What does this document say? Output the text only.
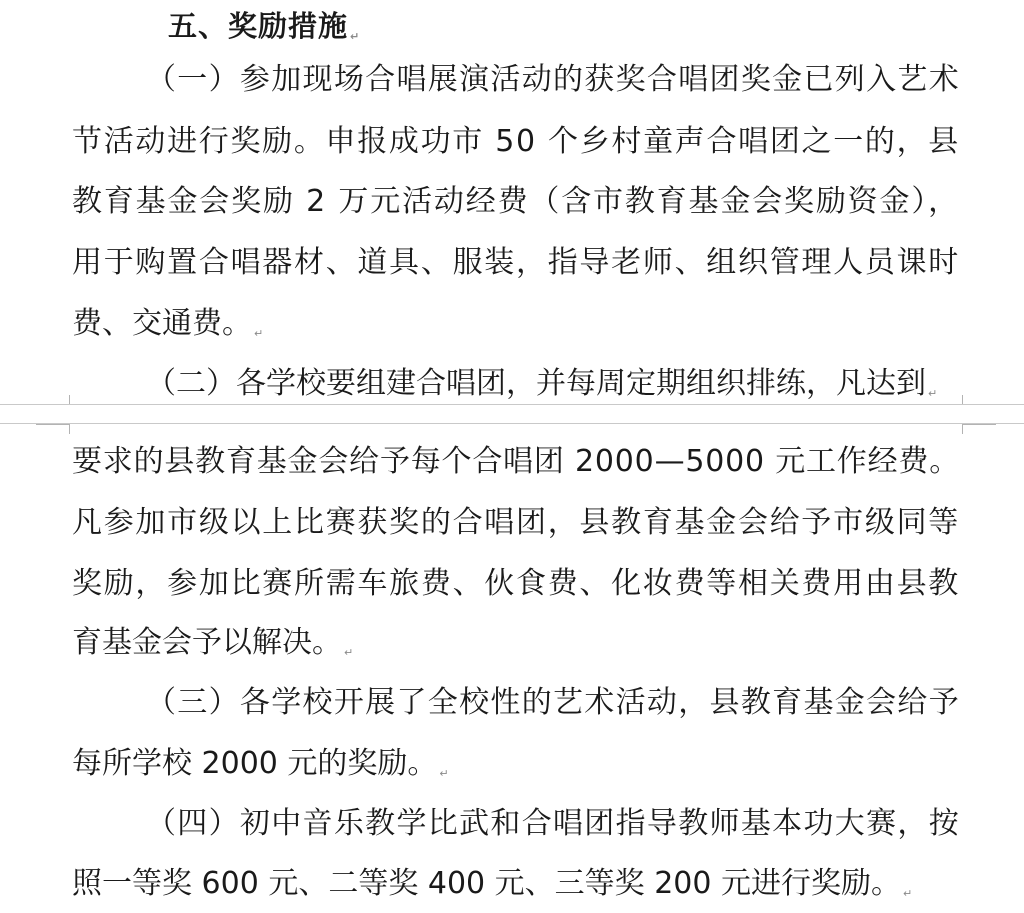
五、奖励措施 ↵
（一）参加现场合唱展演活动的获奖合唱团奖金已列入艺术
节活动进行奖励。申报成功市 50 个乡村童声合唱团之一的，县
教育基金会奖励 2 万元活动经费（含市教育基金会奖励资金），
用于购置合唱器材、道具、服装，指导老师、组织管理人员课时
费、交通费。 ↵
（二）各学校要组建合唱团，并每周定期组织排练，凡达到 ↵
要求的县教育基金会给予每个合唱团 2000—5000 元工作经费。
凡参加市级以上比赛获奖的合唱团，县教育基金会给予市级同等
奖励，参加比赛所需车旅费、伙食费、化妆费等相关费用由县教
育基金会予以解决。 ↵
（三）各学校开展了全校性的艺术活动，县教育基金会给予
每所学校 2000 元的奖励。 ↵
（四）初中音乐教学比武和合唱团指导教师基本功大赛，按
照一等奖 600 元、二等奖 400 元、三等奖 200 元进行奖励。 ↵
